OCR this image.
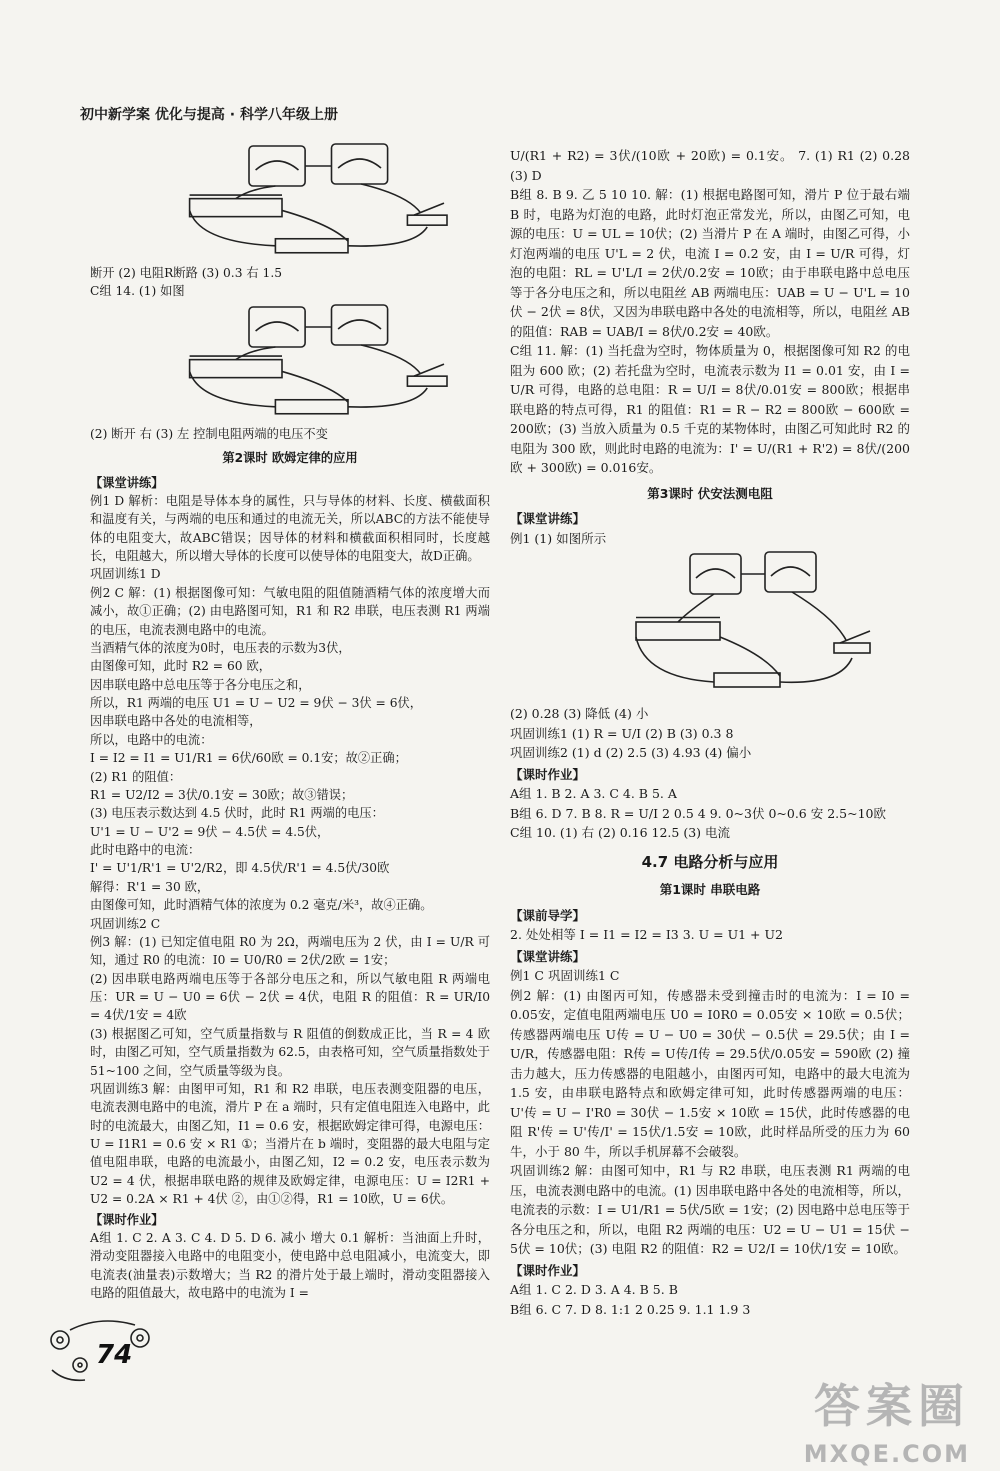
初中新学案 优化与提高 · 科学八年级上册

断开 (2) 电阻R断路 (3) 0.3 右 1.5

C组 14. (1) 如图

(2) 断开 右 (3) 左 控制电阻两端的电压不变

第2课时 欧姆定律的应用

【课堂讲练】

例1 D 解析：电阻是导体本身的属性，只与导体的材料、长度、横截面积和温度有关，与两端的电压和通过的电流无关，所以ABC的方法不能使导体的电阻变大，故ABC错误；因导体的材料和横截面积相同时，长度越长，电阻越大，所以增大导体的长度可以使导体的电阻变大，故D正确。

巩固训练1 D

例2 C 解：(1) 根据图像可知：气敏电阻的阻值随酒精气体的浓度增大而减小，故①正确；(2) 由电路图可知，R1 和 R2 串联，电压表测 R1 两端的电压，电流表测电路中的电流。

当酒精气体的浓度为0时，电压表的示数为3伏，

由图像可知，此时 R2 = 60 欧，

因串联电路中总电压等于各分电压之和，

所以，R1 两端的电压 U1 = U − U2 = 9伏 − 3伏 = 6伏，

因串联电路中各处的电流相等，

所以，电路中的电流：

I = I2 = I1 = U1/R1 = 6伏/60欧 = 0.1安；故②正确；

(2) R1 的阻值：

R1 = U2/I2 = 3伏/0.1安 = 30欧；故③错误；

(3) 电压表示数达到 4.5 伏时，此时 R1 两端的电压：

U'1 = U − U'2 = 9伏 − 4.5伏 = 4.5伏，

此时电路中的电流：

I' = U'1/R'1 = U'2/R2，即 4.5伏/R'1 = 4.5伏/30欧

解得：R'1 = 30 欧，

由图像可知，此时酒精气体的浓度为 0.2 毫克/米³，故④正确。

巩固训练2 C

例3 解：(1) 已知定值电阻 R0 为 2Ω，两端电压为 2 伏，由 I = U/R 可知，通过 R0 的电流：I0 = U0/R0 = 2伏/2欧 = 1安；

(2) 因串联电路两端电压等于各部分电压之和，所以气敏电阻 R 两端电压：UR = U − U0 = 6伏 − 2伏 = 4伏，电阻 R 的阻值：R = UR/I0 = 4伏/1安 = 4欧

(3) 根据图乙可知，空气质量指数与 R 阻值的倒数成正比，当 R = 4 欧时，由图乙可知，空气质量指数为 62.5，由表格可知，空气质量指数处于 51~100 之间，空气质量等级为良。

巩固训练3 解：由图甲可知，R1 和 R2 串联，电压表测变阻器的电压，电流表测电路中的电流，滑片 P 在 a 端时，只有定值电阻连入电路中，此时的电流最大，由图乙知，I1 = 0.6 安，根据欧姆定律可得，电源电压：U = I1R1 = 0.6 安 × R1 ①；当滑片在 b 端时，变阻器的最大电阻与定值电阻串联，电路的电流最小，由图乙知，I2 = 0.2 安，电压表示数为 U2 = 4 伏，根据串联电路的规律及欧姆定律，电源电压：U = I2R1 + U2 = 0.2A × R1 + 4伏 ②，由①②得，R1 = 10欧，U = 6伏。

【课时作业】

A组 1. C 2. A 3. C 4. D 5. D 6. 减小 增大 0.1 解析：当油面上升时，滑动变阻器接入电路中的电阻变小，使电路中总电阻减小，电流变大，即电流表(油量表)示数增大；当 R2 的滑片处于最上端时，滑动变阻器接入电路的阻值最大，故电路中的电流为 I =

U/(R1 + R2) = 3伏/(10欧 + 20欧) = 0.1安。 7. (1) R1 (2) 0.28 (3) D

B组 8. B 9. 乙 5 10 10. 解：(1) 根据电路图可知，滑片 P 位于最右端 B 时，电路为灯泡的电路，此时灯泡正常发光，所以，由图乙可知，电源的电压：U = UL = 10伏；(2) 当滑片 P 在 A 端时，由图乙可得，小灯泡两端的电压 U'L = 2 伏，电流 I = 0.2 安，由 I = U/R 可得，灯泡的电阻：RL = U'L/I = 2伏/0.2安 = 10欧；由于串联电路中总电压等于各分电压之和，所以电阻丝 AB 两端电压：UAB = U − U'L = 10伏 − 2伏 = 8伏，又因为串联电路中各处的电流相等，所以，电阻丝 AB 的阻值：RAB = UAB/I = 8伏/0.2安 = 40欧。

C组 11. 解：(1) 当托盘为空时，物体质量为 0，根据图像可知 R2 的电阻为 600 欧；(2) 若托盘为空时，电流表示数为 I1 = 0.01 安，由 I = U/R 可得，电路的总电阻：R = U/I = 8伏/0.01安 = 800欧；根据串联电路的特点可得，R1 的阻值：R1 = R − R2 = 800欧 − 600欧 = 200欧；(3) 当放入质量为 0.5 千克的某物体时，由图乙可知此时 R2 的电阻为 300 欧，则此时电路的电流为：I' = U/(R1 + R'2) = 8伏/(200欧 + 300欧) = 0.016安。

第3课时 伏安法测电阻

【课堂讲练】

例1 (1) 如图所示

(2) 0.28 (3) 降低 (4) 小

巩固训练1 (1) R = U/I (2) B (3) 0.3 8

巩固训练2 (1) d (2) 2.5 (3) 4.93 (4) 偏小

【课时作业】

A组 1. B 2. A 3. C 4. B 5. A

B组 6. D 7. B 8. R = U/I 2 0.5 4 9. 0~3伏 0~0.6 安 2.5~10欧

C组 10. (1) 右 (2) 0.16 12.5 (3) 电流

4.7 电路分析与应用

第1课时 串联电路

【课前导学】

2. 处处相等 I = I1 = I2 = I3 3. U = U1 + U2

【课堂讲练】

例1 C 巩固训练1 C

例2 解：(1) 由图丙可知，传感器未受到撞击时的电流为：I = I0 = 0.05安，定值电阻两端电压 U0 = I0R0 = 0.05安 × 10欧 = 0.5伏；传感器两端电压 U传 = U − U0 = 30伏 − 0.5伏 = 29.5伏；由 I = U/R，传感器电阻：R传 = U传/I传 = 29.5伏/0.05安 = 590欧 (2) 撞击力越大，压力传感器的电阻越小，由图丙可知，电路中的最大电流为 1.5 安，由串联电路特点和欧姆定律可知，此时传感器两端的电压：U'传 = U − I'R0 = 30伏 − 1.5安 × 10欧 = 15伏，此时传感器的电阻 R'传 = U'传/I' = 15伏/1.5安 = 10欧，此时样品所受的压力为 60 牛，小于 80 牛，所以手机屏幕不会破裂。

巩固训练2 解：由图可知中，R1 与 R2 串联，电压表测 R1 两端的电压，电流表测电路中的电流。(1) 因串联电路中各处的电流相等，所以，电流表的示数：I = U1/R1 = 5伏/5欧 = 1安；(2) 因电路中总电压等于各分电压之和，所以，电阻 R2 两端的电压：U2 = U − U1 = 15伏 − 5伏 = 10伏；(3) 电阻 R2 的阻值：R2 = U2/I = 10伏/1安 = 10欧。

【课时作业】

A组 1. C 2. D 3. A 4. B 5. B

B组 6. C 7. D 8. 1:1 2 0.25 9. 1.1 1.9 3

74
答案圈
MXQE.COM
